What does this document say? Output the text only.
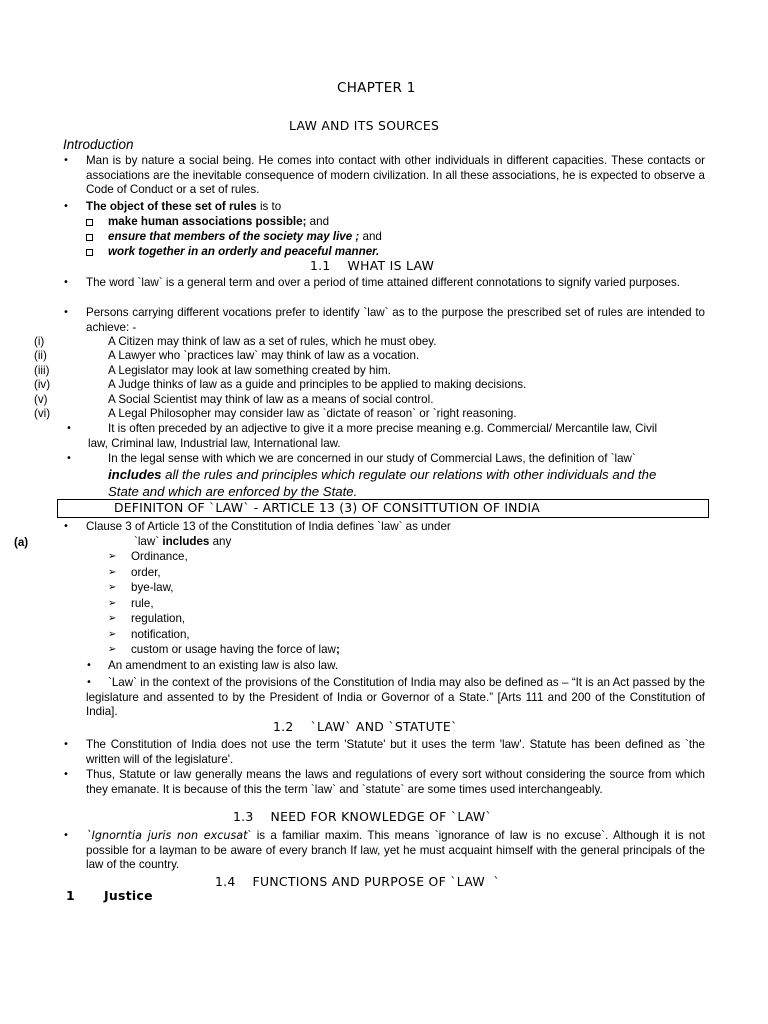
CHAPTER 1
LAW AND ITS SOURCES
Introduction
• Man is by nature a social being. He comes into contact with other individuals in different capacities. These contacts or associations are the inevitable consequence of modern civilization. In all these associations, he is expected to observe a Code of Conduct or a set of rules.
• The object of these set of rules is to
make human associations possible; and
ensure that members of the society may live ; and
work together in an orderly and peaceful manner.
1.1    WHAT IS LAW
• The word `law` is a general term and over a period of time attained different connotations to signify varied purposes.
• Persons carrying different vocations prefer to identify `law` as to the purpose the prescribed set of rules are intended to achieve: -
(i)	A Citizen may think of law as a set of rules, which he must obey.
(ii)	A Lawyer who `practices law` may think of law as a vocation.
(iii)	A Legislator may look at law something created by him.
(iv)	A Judge thinks of law as a guide and principles to be applied to making decisions.
(v)	A Social Scientist may think of law as a means of social control.
(vi)	A Legal Philosopher may consider law as `dictate of reason` or `right reasoning.
•	It is often preceded by an adjective to give it a more precise meaning e.g. Commercial/ Mercantile law, Civil
law, Criminal law, Industrial law, International law.
•	In the legal sense with which we are concerned in our study of Commercial Laws, the definition of `law`
includes all the rules and principles which regulate our relations with other individuals and the
State and which are enforced by the State.
DEFINITON OF `LAW` - ARTICLE 13 (3) OF CONSITTUTION OF INDIA
• Clause 3 of Article 13 of the Constitution of India defines `law` as under
(a)	`law` includes any
➢ Ordinance,
➢ order,
➢ bye-law,
➢ rule,
➢ regulation,
➢ notification,
➢ custom or usage having the force of law;
• An amendment to an existing law is also law.
•	`Law` in the context of the provisions of the Constitution of India may also be defined as – “It is an Act passed by the legislature and assented to by the President of India or Governor of a State.” [Arts 111 and 200 of the Constitution of India].
1.2    `LAW` AND `STATUTE`
• The Constitution of India does not use the term 'Statute' but it uses the term 'law'. Statute has been defined as `the written will of the legislature'.
• Thus, Statute or law generally means the laws and regulations of every sort without considering the source from which they emanate. It is because of this the term `law` and `statute` are some times used interchangeably.
1.3    NEED FOR KNOWLEDGE OF `LAW`
• `Ignorntia juris non excusat` is a familiar maxim. This means `ignorance of law is no excuse`. Although it is not possible for a layman to be aware of every branch If law, yet he must acquaint himself with the general principals of the law of the country.
1.4    FUNCTIONS AND PURPOSE OF `LAW  `
1 Justice
